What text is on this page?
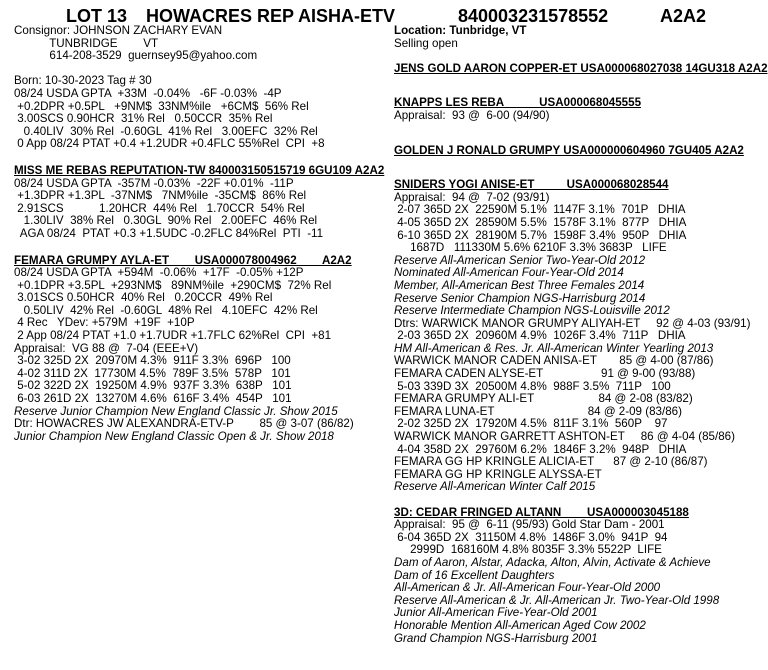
LOT 13 HOWACRES REP AISHA-ETV	840003231578552	A2A2
Consignor: JOHNSON ZACHARY EVAN
TUNBRIDGE        VT
614-208-3529  guernsey95@yahoo.com
Born: 10-30-2023 Tag # 30
08/24 USDA GPTA  +33M  -0.04%   -6F -0.03%  -4P
+0.2DPR +0.5PL   +9NM$  33NM%ile   +6CM$  56% Rel
3.00SCS 0.90HCR  31% Rel   0.50CCR  35% Rel
0.40LIV  30% Rel  -0.60GL  41% Rel   3.00EFC  32% Rel
0 App 08/24 PTAT +0.4 +1.2UDR +0.4FLC 55%Rel  CPI  +8
MISS ME REBAS REPUTATION-TW 840003150515719 6GU109 A2A2
08/24 USDA GPTA  -357M -0.03%  -22F +0.01%  -11P
+1.3DPR +1.3PL  -37NM$   7NM%ile  -35CM$  86% Rel
2.91SCS           1.20HCR  44% Rel   1.70CCR  54% Rel
1.30LIV  38% Rel   0.30GL  90% Rel   2.00EFC  46% Rel
AGA 08/24  PTAT +0.3 +1.5UDC -0.2FLC 84%Rel  PTI  -11
FEMARA GRUMPY AYLA-ET        USA000078004962        A2A2
08/24 USDA GPTA  +594M  -0.06%  +17F  -0.05% +12P
+0.1DPR +3.5PL  +293NM$   89NM%ile  +290CM$  72% Rel
3.01SCS 0.50HCR  40% Rel   0.20CCR  49% Rel
0.50LIV  42% Rel  -0.60GL  48% Rel   4.10EFC  42% Rel
4 Rec   YDev: +579M  +19F  +10P
2 App 08/24 PTAT +1.0 +1.7UDR +1.7FLC 62%Rel  CPI  +81
Appraisal:  VG 88 @  7-04 (EEE+V)
3-02 325D 2X  20970M 4.3%  911F 3.3%  696P   100
4-02 311D 2X  17730M 4.5%  789F 3.5%  578P   101
5-02 322D 2X  19250M 4.9%  937F 3.3%  638P   101
6-03 261D 2X  13270M 4.6%  616F 3.4%  454P   101
Reserve Junior Champion New England Classic Jr. Show 2015
Dtr: HOWACRES JW ALEXANDRA-ETV-P        85 @ 3-07 (86/82)
Junior Champion New England Classic Open & Jr. Show 2018
Location: Tunbridge, VT
Selling open
JENS GOLD AARON COPPER-ET USA000068027038 14GU318 A2A2
KNAPPS LES REBA           USA000068045555
Appraisal:  93 @  6-00 (94/90)
GOLDEN J RONALD GRUMPY USA000000604960 7GU405 A2A2
SNIDERS YOGI ANISE-ET          USA000068028544
Appraisal:  94 @  7-02 (93/91)
2-07 365D 2X  22590M 5.1%  1147F 3.1%  701P   DHIA
4-05 365D 2X  28590M 5.5%  1578F 3.1%  877P   DHIA
6-10 365D 2X  28190M 5.7%  1598F 3.4%  950P   DHIA
1687D   111330M 5.6% 6210F 3.3% 3683P   LIFE
Reserve All-American Senior Two-Year-Old 2012
Nominated All-American Four-Year-Old 2014
Member, All-American Best Three Females 2014
Reserve Senior Champion NGS-Harrisburg 2014
Reserve Intermediate Champion NGS-Louisville 2012
Dtrs: WARWICK MANOR GRUMPY ALIYAH-ET     92 @ 4-03 (93/91)
2-03 365D 2X  20960M 4.9%  1026F 3.4%  711P   DHIA
HM All-American & Res. Jr. All-American Winter Yearling 2013
WARWICK MANOR CADEN ANISA-ET       85 @ 4-00 (87/86)
FEMARA CADEN ALYSE-ET                  91 @ 9-00 (93/88)
5-03 339D 3X  20500M 4.8%  988F 3.5%  711P   100
FEMARA GRUMPY ALI-ET                    84 @ 2-08 (83/82)
FEMARA LUNA-ET                             84 @ 2-09 (83/86)
2-02 325D 2X  17920M 4.5%  811F 3.1%  560P    97
WARWICK MANOR GARRETT ASHTON-ET     86 @ 4-04 (85/86)
4-04 358D 2X  29760M 6.2%  1846F 3.2%  948P   DHIA
FEMARA GG HP KRINGLE ALICIA-ET      87 @ 2-10 (86/87)
FEMARA GG HP KRINGLE ALYSSA-ET
Reserve All-American Winter Calf 2015
3D: CEDAR FRINGED ALTANN        USA000003045188
Appraisal:  95 @  6-11 (95/93) Gold Star Dam - 2001
6-04 365D 2X  31150M 4.8%  1486F 3.0%  941P  94
2999D  168160M 4.8% 8035F 3.3% 5522P  LIFE
Dam of Aaron, Alstar, Adacka, Alton, Alvin, Activate & Achieve
Dam of 16 Excellent Daughters
All-American & Jr. All-American Four-Year-Old 2000
Reserve All-American & Jr. All-American Jr. Two-Year-Old 1998
Junior All-American Five-Year-Old 2001
Honorable Mention All-American Aged Cow 2002
Grand Champion NGS-Harrisburg 2001
